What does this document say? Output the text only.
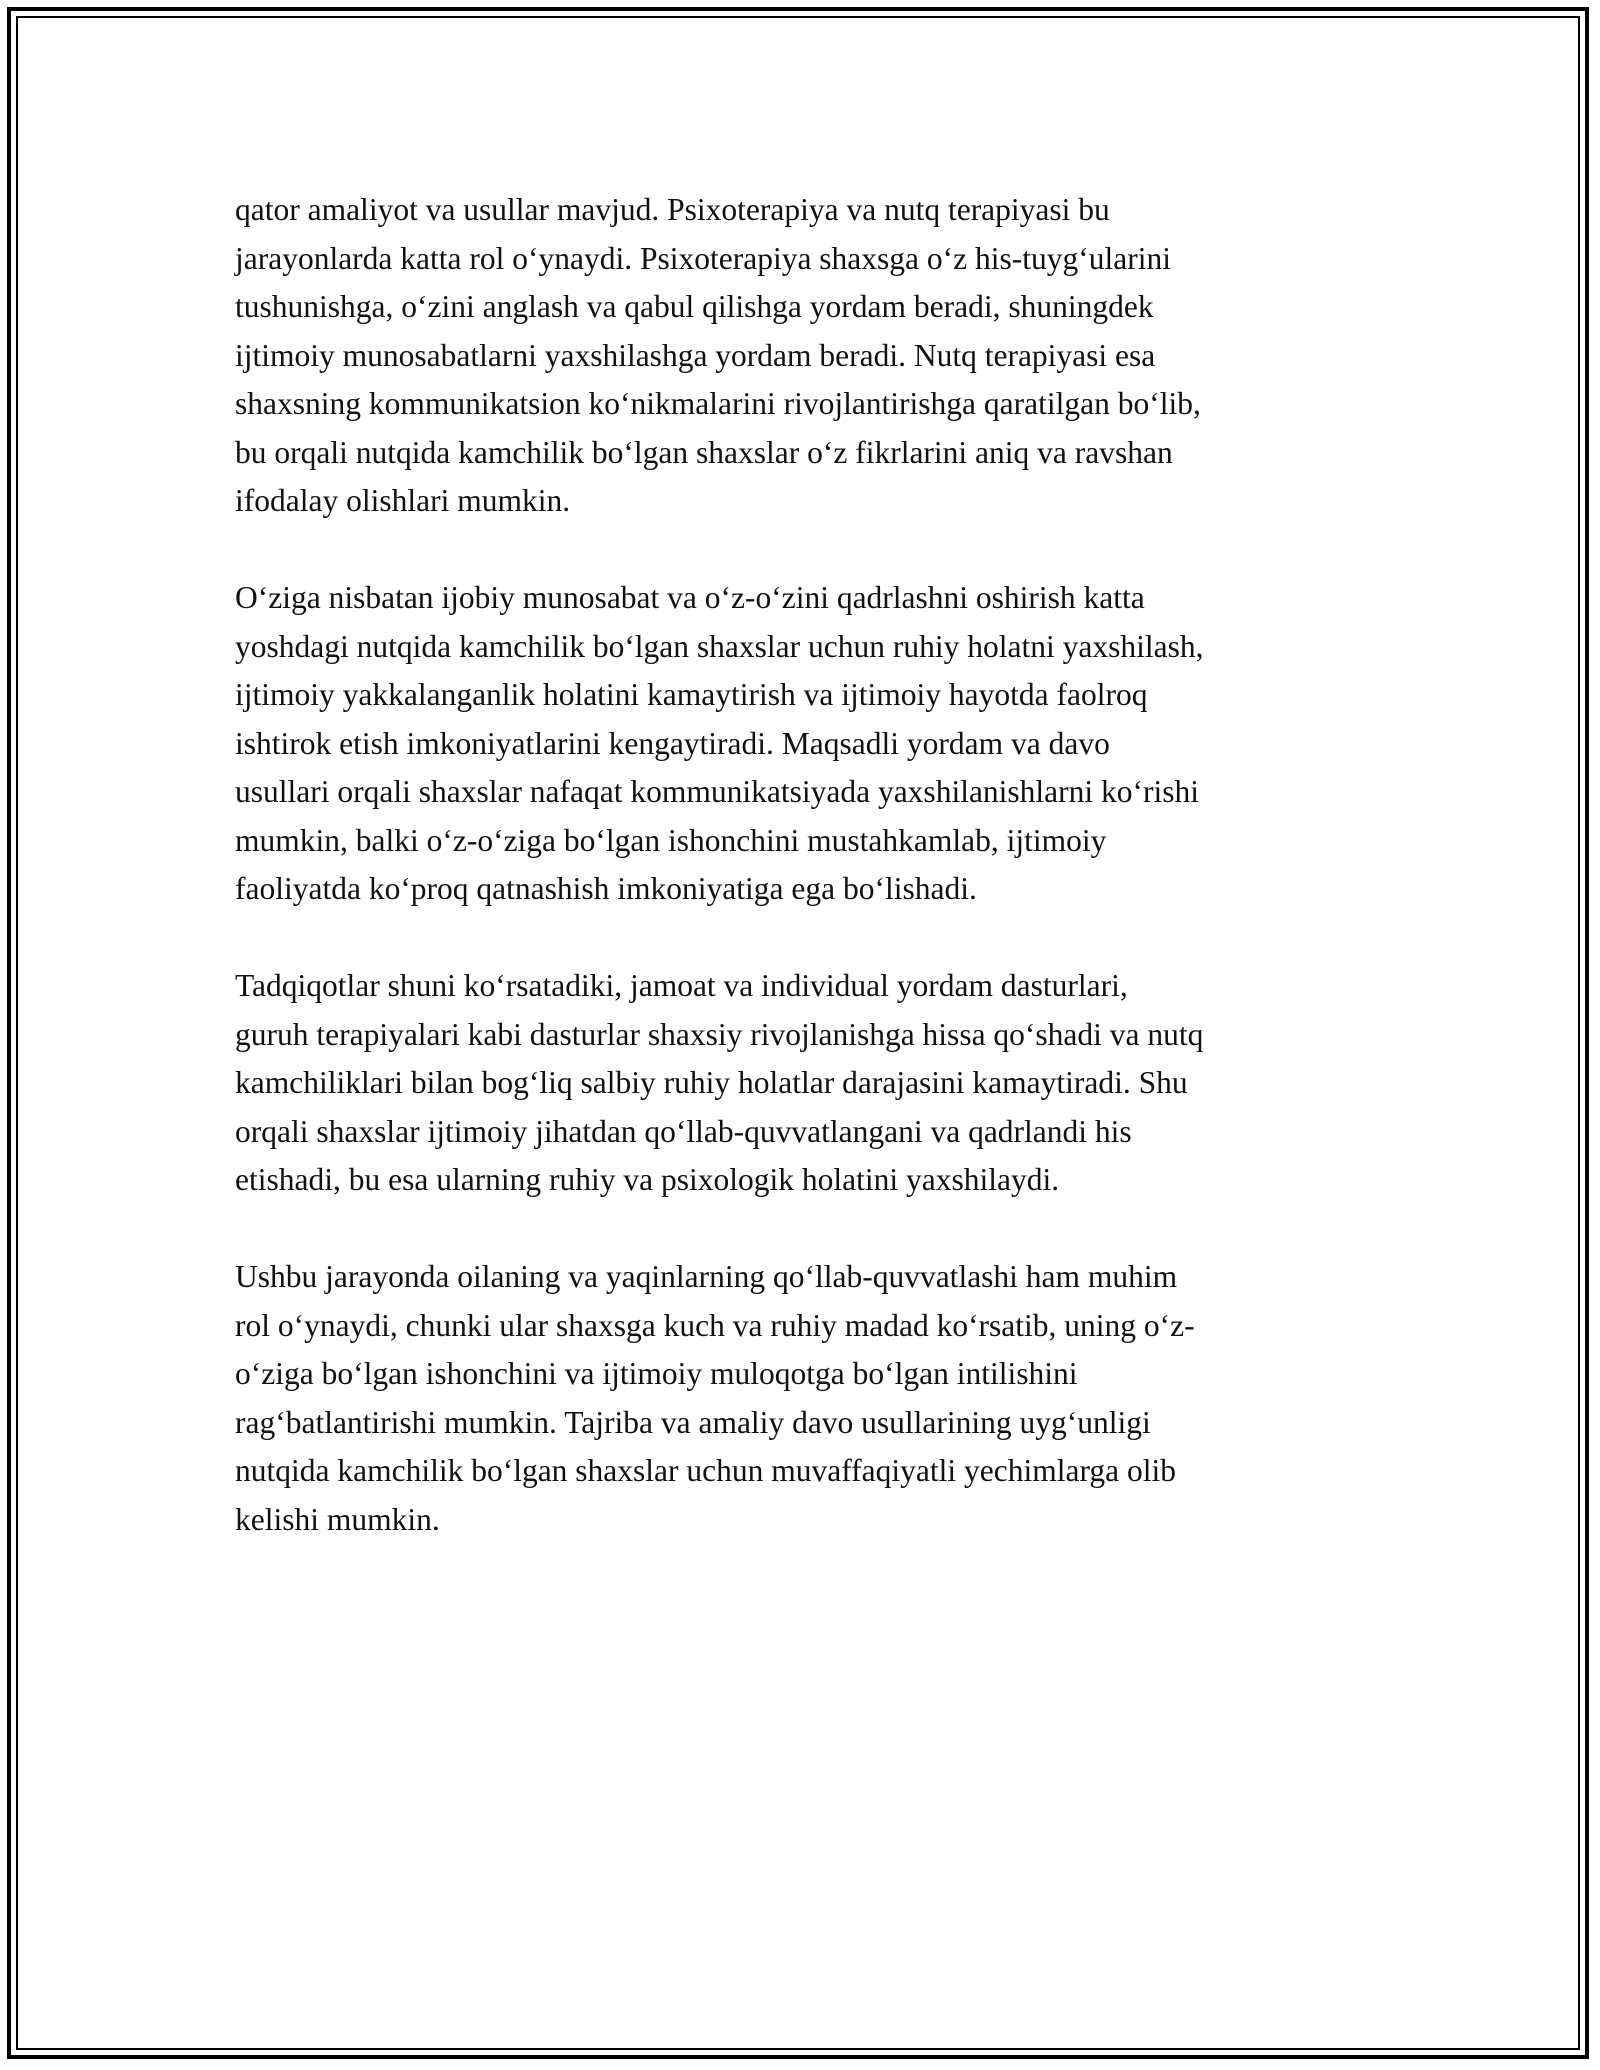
qator amaliyot va usullar mavjud. Psixoterapiya va nutq terapiyasi bu
jarayonlarda katta rol o‘ynaydi. Psixoterapiya shaxsga o‘z his-tuyg‘ularini
tushunishga, o‘zini anglash va qabul qilishga yordam beradi, shuningdek
ijtimoiy munosabatlarni yaxshilashga yordam beradi. Nutq terapiyasi esa
shaxsning kommunikatsion ko‘nikmalarini rivojlantirishga qaratilgan bo‘lib,
bu orqali nutqida kamchilik bo‘lgan shaxslar o‘z fikrlarini aniq va ravshan
ifodalay olishlari mumkin.

O‘ziga nisbatan ijobiy munosabat va o‘z-o‘zini qadrlashni oshirish katta
yoshdagi nutqida kamchilik bo‘lgan shaxslar uchun ruhiy holatni yaxshilash,
ijtimoiy yakkalanganlik holatini kamaytirish va ijtimoiy hayotda faolroq
ishtirok etish imkoniyatlarini kengaytiradi. Maqsadli yordam va davo
usullari orqali shaxslar nafaqat kommunikatsiyada yaxshilanishlarni ko‘rishi
mumkin, balki o‘z-o‘ziga bo‘lgan ishonchini mustahkamlab, ijtimoiy
faoliyatda ko‘proq qatnashish imkoniyatiga ega bo‘lishadi.

Tadqiqotlar shuni ko‘rsatadiki, jamoat va individual yordam dasturlari,
guruh terapiyalari kabi dasturlar shaxsiy rivojlanishga hissa qo‘shadi va nutq
kamchiliklari bilan bog‘liq salbiy ruhiy holatlar darajasini kamaytiradi. Shu
orqali shaxslar ijtimoiy jihatdan qo‘llab-quvvatlangani va qadrlandi his
etishadi, bu esa ularning ruhiy va psixologik holatini yaxshilaydi.

Ushbu jarayonda oilaning va yaqinlarning qo‘llab-quvvatlashi ham muhim
rol o‘ynaydi, chunki ular shaxsga kuch va ruhiy madad ko‘rsatib, uning o‘z-
o‘ziga bo‘lgan ishonchini va ijtimoiy muloqotga bo‘lgan intilishini
rag‘batlantirishi mumkin. Tajriba va amaliy davo usullarining uyg‘unligi
nutqida kamchilik bo‘lgan shaxslar uchun muvaffaqiyatli yechimlarga olib
kelishi mumkin.
